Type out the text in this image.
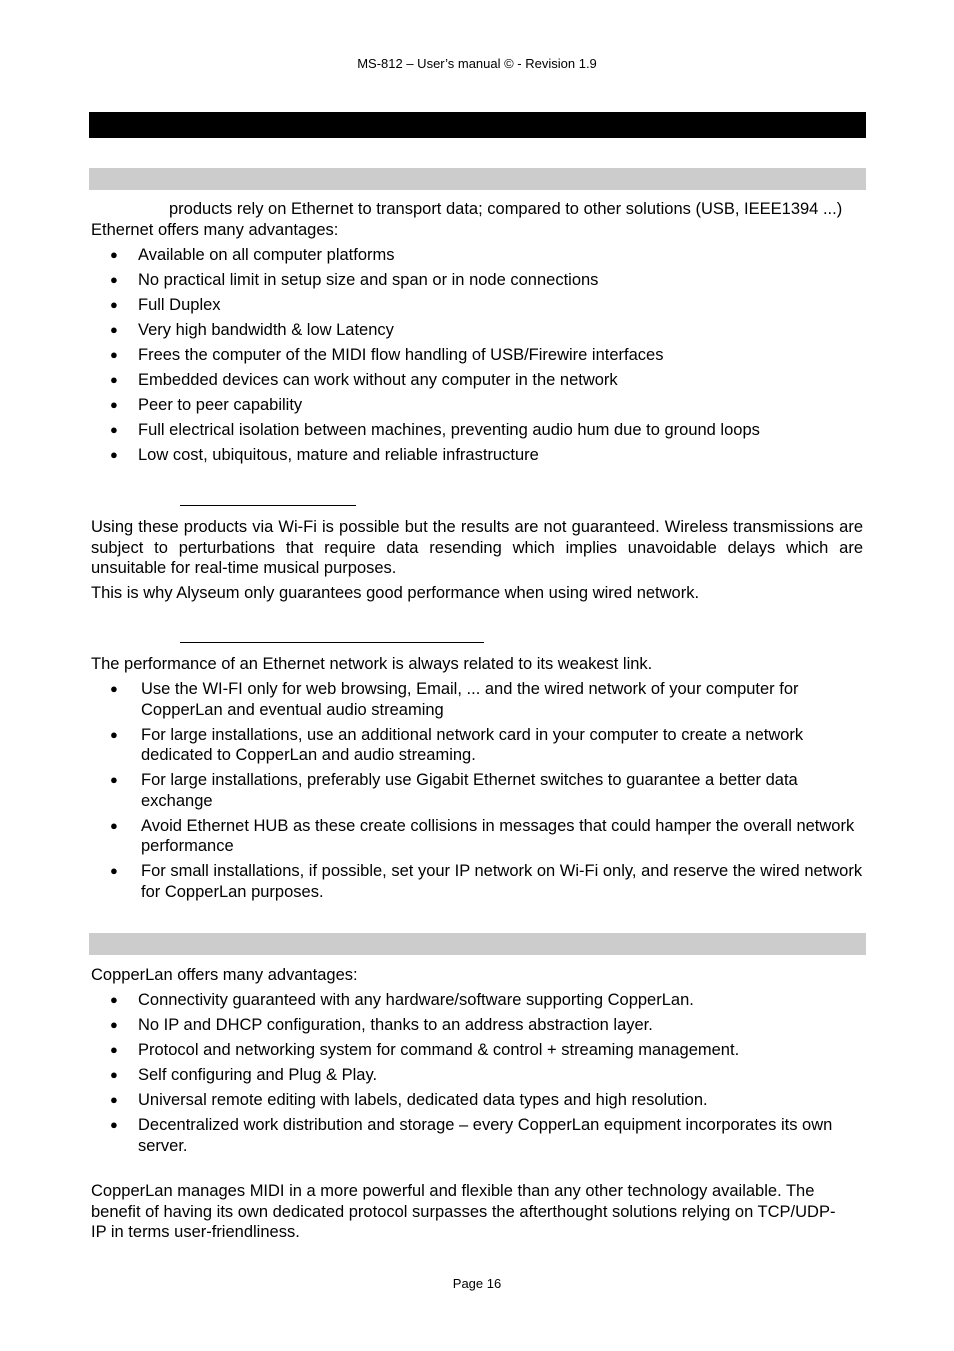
MS-812 – User’s manual © - Revision 1.9

products rely on Ethernet to transport data; compared to other solutions (USB, IEEE1394 ...) Ethernet offers many advantages:

● Available on all computer platforms
● No practical limit in setup size and span or in node connections
● Full Duplex
● Very high bandwidth & low Latency
● Frees the computer of the MIDI flow handling of USB/Firewire interfaces
● Embedded devices can work without any computer in the network
● Peer to peer capability
● Full electrical isolation between machines, preventing audio hum due to ground loops
● Low cost, ubiquitous, mature and reliable infrastructure

Using these products via Wi-Fi is possible but the results are not guaranteed. Wireless transmissions are subject to perturbations that require data resending which implies unavoidable delays which are unsuitable for real-time musical purposes.

This is why Alyseum only guarantees good performance when using wired network.

The performance of an Ethernet network is always related to its weakest link.

● Use the WI-FI only for web browsing, Email, ... and the wired network of your computer for CopperLan and eventual audio streaming
● For large installations, use an additional network card in your computer to create a network dedicated to CopperLan and audio streaming.
● For large installations, preferably use Gigabit Ethernet switches to guarantee a better data exchange
● Avoid Ethernet HUB as these create collisions in messages that could hamper the overall network performance
● For small installations, if possible, set your IP network on Wi-Fi only, and reserve the wired network for CopperLan purposes.

CopperLan offers many advantages:

● Connectivity guaranteed with any hardware/software supporting CopperLan.
● No IP and DHCP configuration, thanks to an address abstraction layer.
● Protocol and networking system for command & control + streaming management.
● Self configuring and Plug & Play.
● Universal remote editing with labels, dedicated data types and high resolution.
●	Decentralized work distribution and storage – every CopperLan equipment incorporates its own server.

CopperLan manages MIDI in a more powerful and flexible than any other technology available. The benefit of having its own dedicated protocol surpasses the afterthought solutions relying on TCP/UDP-IP in terms user-friendliness.

Page 16
